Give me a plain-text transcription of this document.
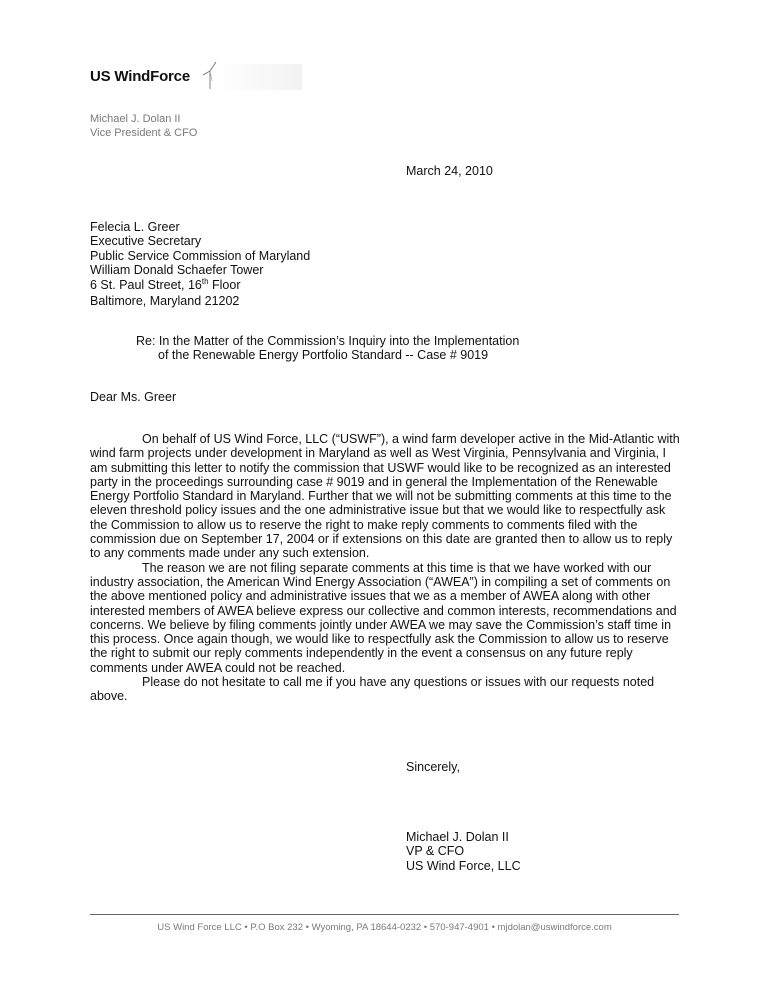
US WindForce
Michael J. Dolan II
Vice President & CFO
March 24, 2010
Felecia L. Greer
Executive Secretary
Public Service Commission of Maryland
William Donald Schaefer Tower
6 St. Paul Street, 16th Floor
Baltimore, Maryland 21202
Re: In the Matter of the Commission’s Inquiry into the Implementation
of the Renewable Energy Portfolio Standard -- Case # 9019
Dear Ms. Greer

On behalf of US Wind Force, LLC (“USWF”), a wind farm developer active in the Mid-Atlantic with wind farm projects under development in Maryland as well as West Virginia, Pennsylvania and Virginia, I am submitting this letter to notify the commission that USWF would like to be recognized as an interested party in the proceedings surrounding case # 9019 and in general the Implementation of the Renewable Energy Portfolio Standard in Maryland. Further that we will not be submitting comments at this time to the eleven threshold policy issues and the one administrative issue but that we would like to respectfully ask the Commission to allow us to reserve the right to make reply comments to comments filed with the commission due on September 17, 2004 or if extensions on this date are granted then to allow us to reply to any comments made under any such extension.

The reason we are not filing separate comments at this time is that we have worked with our industry association, the American Wind Energy Association (“AWEA”) in compiling a set of comments on the above mentioned policy and administrative issues that we as a member of AWEA along with other interested members of AWEA believe express our collective and common interests, recommendations and concerns. We believe by filing comments jointly under AWEA we may save the Commission’s staff time in this process. Once again though, we would like to respectfully ask the Commission to allow us to reserve the right to submit our reply comments independently in the event a consensus on any future reply comments under AWEA could not be reached.

Please do not hesitate to call me if you have any questions or issues with our requests noted above.

Sincerely,
Michael J. Dolan II
VP & CFO
US Wind Force, LLC
US Wind Force LLC • P.O Box 232 • Wyoming, PA 18644-0232 • 570-947-4901 • mjdolan@uswindforce.com
